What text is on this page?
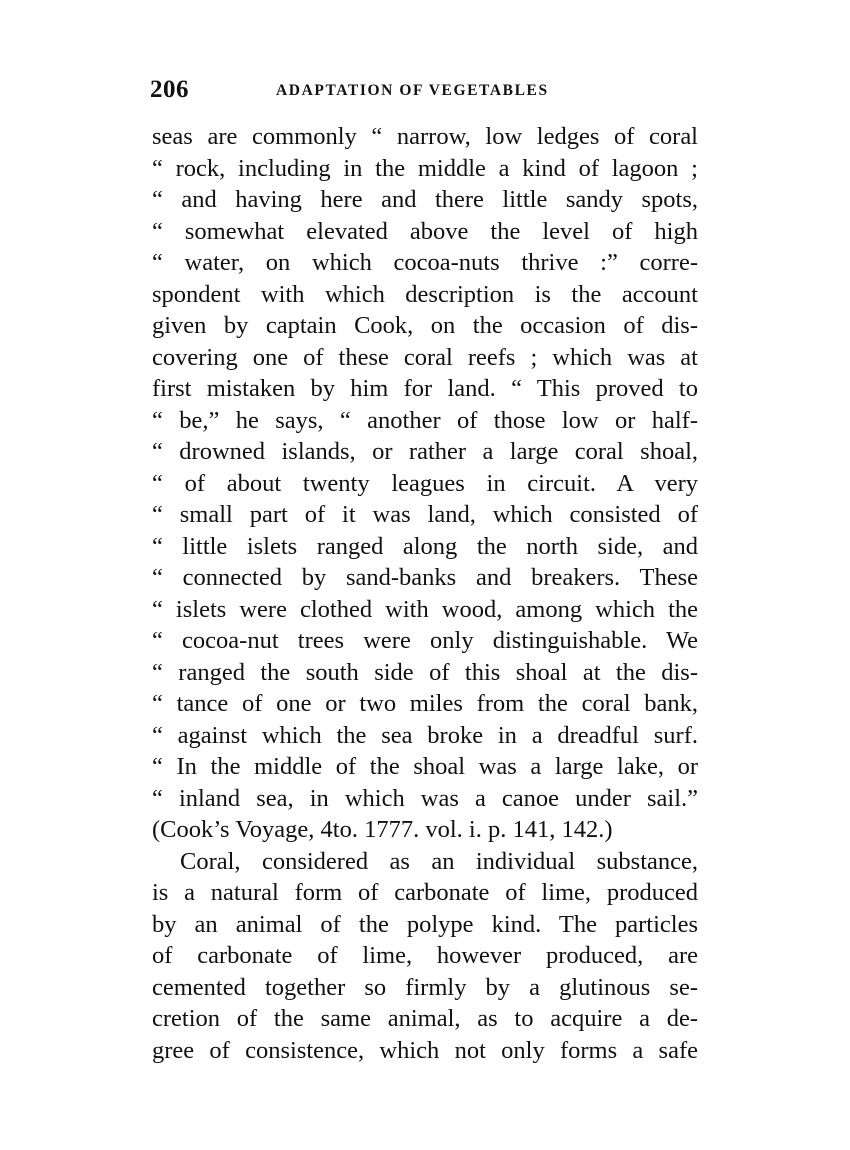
206	ADAPTATION OF VEGETABLES
seas are commonly “ narrow, low ledges of coral
“ rock, including in the middle a kind of lagoon ;
“ and having here and there little sandy spots,
“ somewhat elevated above the level of high
“ water, on which cocoa-nuts thrive :” corre-
spondent with which description is the account
given by captain Cook, on the occasion of dis-
covering one of these coral reefs ; which was at
first mistaken by him for land. “ This proved to
“ be,” he says, “ another of those low or half-
“ drowned islands, or rather a large coral shoal,
“ of about twenty leagues in circuit. A very
“ small part of it was land, which consisted of
“ little islets ranged along the north side, and
“ connected by sand-banks and breakers. These
“ islets were clothed with wood, among which the
“ cocoa-nut trees were only distinguishable. We
“ ranged the south side of this shoal at the dis-
“ tance of one or two miles from the coral bank,
“ against which the sea broke in a dreadful surf.
“ In the middle of the shoal was a large lake, or
“ inland sea, in which was a canoe under sail.”
(Cook’s Voyage, 4to. 1777. vol. i. p. 141, 142.)
Coral, considered as an individual substance,
is a natural form of carbonate of lime, produced
by an animal of the polype kind. The particles
of carbonate of lime, however produced, are
cemented together so firmly by a glutinous se-
cretion of the same animal, as to acquire a de-
gree of consistence, which not only forms a safe
